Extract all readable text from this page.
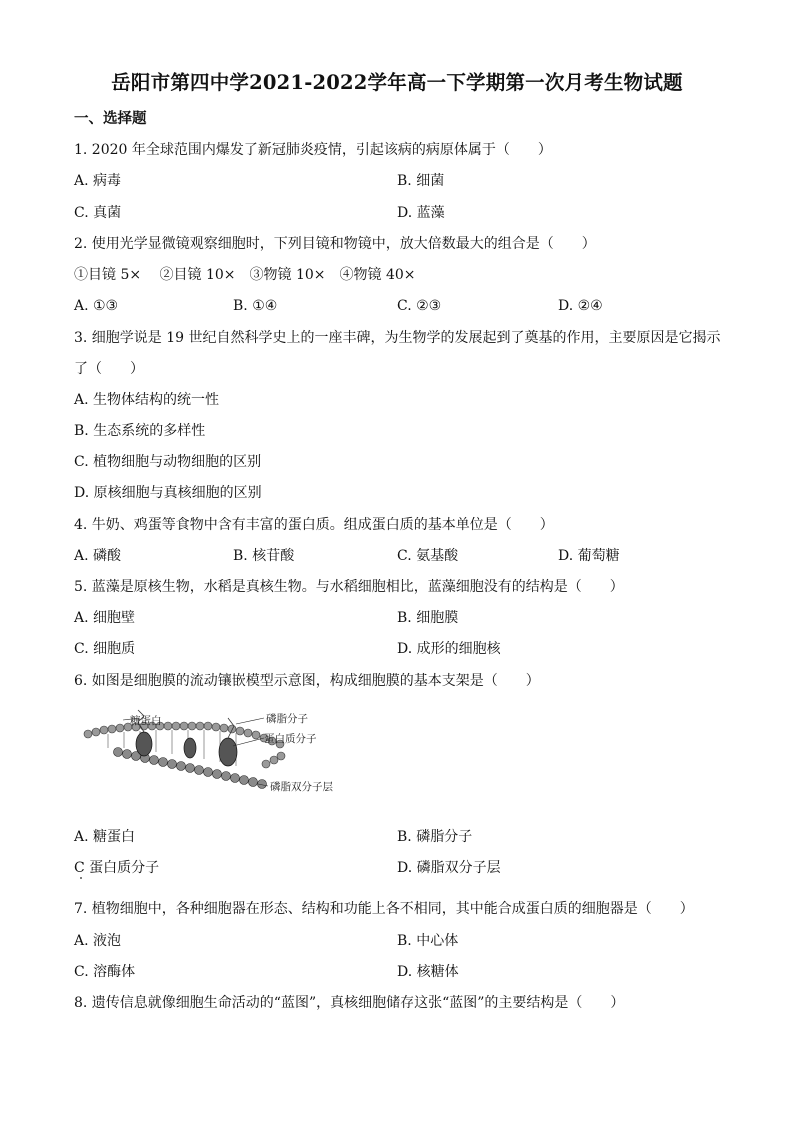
岳阳市第四中学2021-2022学年高一下学期第一次月考生物试题
一、选择题
1. 2020 年全球范围内爆发了新冠肺炎疫情，引起该病的病原体属于（　　）
A. 病毒	B. 细菌
C. 真菌	D. 蓝藻
2. 使用光学显微镜观察细胞时，下列目镜和物镜中，放大倍数最大的组合是（　　）
①目镜 5×　 ②目镜 10×　③物镜 10×　④物镜 40×
A. ①③	B. ①④	C. ②③	D. ②④
3. 细胞学说是 19 世纪自然科学史上的一座丰碑，为生物学的发展起到了奠基的作用，主要原因是它揭示
了（　　）
A. 生物体结构的统一性
B. 生态系统的多样性
C. 植物细胞与动物细胞的区别
D. 原核细胞与真核细胞的区别
4. 牛奶、鸡蛋等食物中含有丰富的蛋白质。组成蛋白质的基本单位是（　　）
A. 磷酸	B. 核苷酸	C. 氨基酸	D. 葡萄糖
5. 蓝藻是原核生物，水稻是真核生物。与水稻细胞相比，蓝藻细胞没有的结构是（　　）
A. 细胞壁	B. 细胞膜
C. 细胞质	D. 成形的细胞核
6. 如图是细胞膜的流动镶嵌模型示意图，构成细胞膜的基本支架是（　　）
糖蛋白	磷脂分子
蛋白质分子
磷脂双分子层
A. 糖蛋白	B. 磷脂分子
C 蛋白质分子	D. 磷脂双分子层
7. 植物细胞中，各种细胞器在形态、结构和功能上各不相同，其中能合成蛋白质的细胞器是（　　）
A. 液泡	B. 中心体
C. 溶酶体	D. 核糖体
8. 遗传信息就像细胞生命活动的“蓝图”，真核细胞储存这张“蓝图”的主要结构是（　　）
